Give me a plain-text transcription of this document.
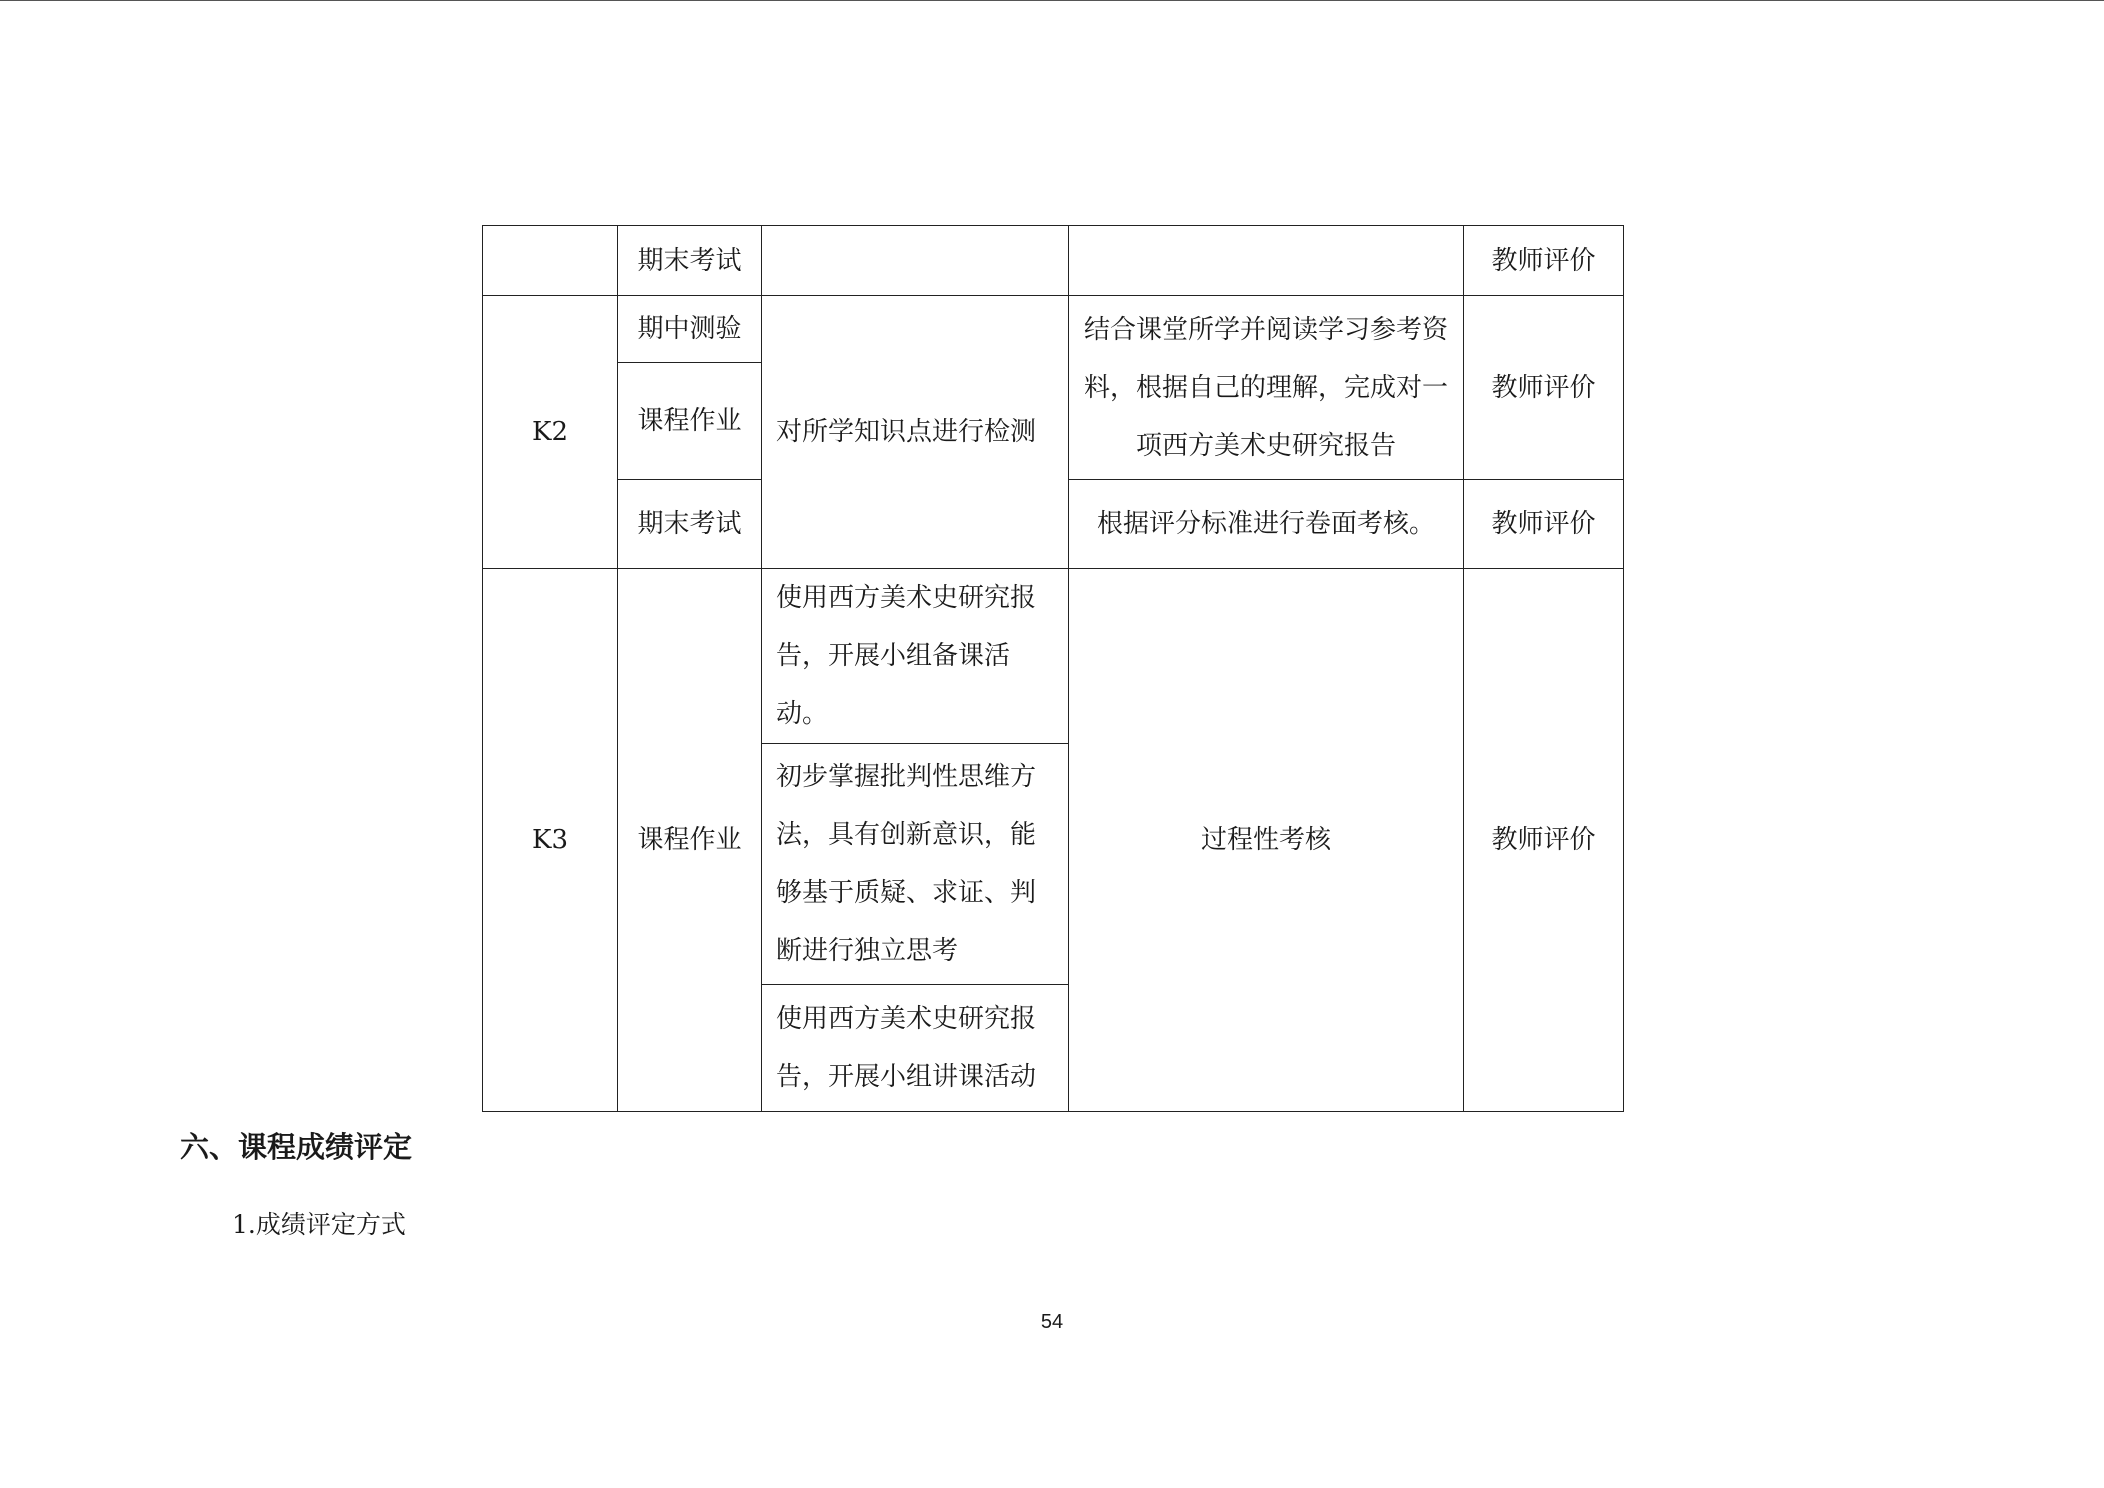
	期末考试			教师评价
K2	期中测验	对所学知识点进行检测	结合课堂所学并阅读学习参考资料，根据自己的理解，完成对一项西方美术史研究报告	教师评价
	课程作业			
	期末考试		根据评分标准进行卷面考核。	教师评价
K3	课程作业	使用西方美术史研究报告，开展小组备课活动。	过程性考核	教师评价
		初步掌握批判性思维方法，具有创新意识，能够基于质疑、求证、判断进行独立思考		
		使用西方美术史研究报告，开展小组讲课活动		
六、课程成绩评定

1.成绩评定方式

54
